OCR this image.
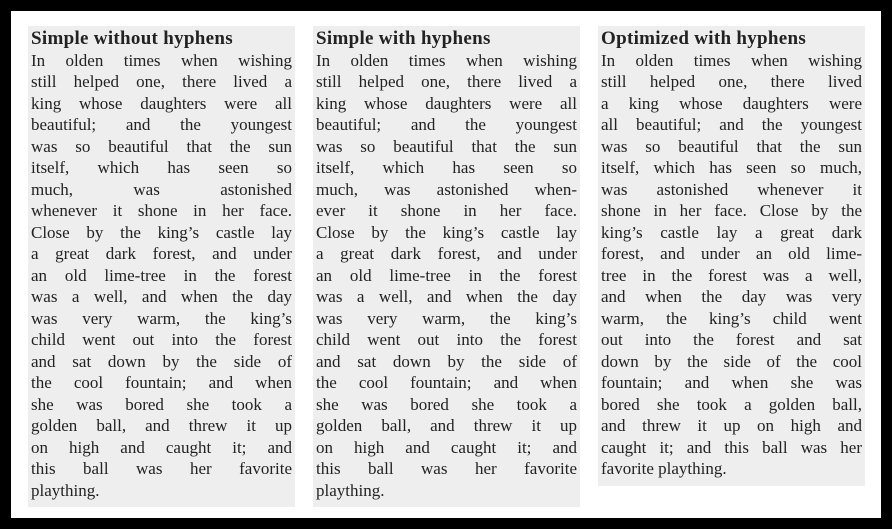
Simple without hyphens
In olden times when wishing
still helped one, there lived a
king whose daughters were all
beautiful; and the youngest
was so beautiful that the sun
itself, which has seen so
much, was astonished
whenever it shone in her face.
Close by the king’s castle lay
a great dark forest, and under
an old lime-tree in the forest
was a well, and when the day
was very warm, the king’s
child went out into the forest
and sat down by the side of
the cool fountain; and when
she was bored she took a
golden ball, and threw it up
on high and caught it; and
this ball was her favorite
plaything.
Simple with hyphens
In olden times when wishing
still helped one, there lived a
king whose daughters were all
beautiful; and the youngest
was so beautiful that the sun
itself, which has seen so
much, was astonished when-
ever it shone in her face.
Close by the king’s castle lay
a great dark forest, and under
an old lime-tree in the forest
was a well, and when the day
was very warm, the king’s
child went out into the forest
and sat down by the side of
the cool fountain; and when
she was bored she took a
golden ball, and threw it up
on high and caught it; and
this ball was her favorite
plaything.
Optimized with hyphens
In olden times when wishing
still helped one, there lived
a king whose daughters were
all beautiful; and the youngest
was so beautiful that the sun
itself, which has seen so much,
was astonished whenever it
shone in her face. Close by the
king’s castle lay a great dark
forest, and under an old lime-
tree in the forest was a well,
and when the day was very
warm, the king’s child went
out into the forest and sat
down by the side of the cool
fountain; and when she was
bored she took a golden ball,
and threw it up on high and
caught it; and this ball was her
favorite plaything.
